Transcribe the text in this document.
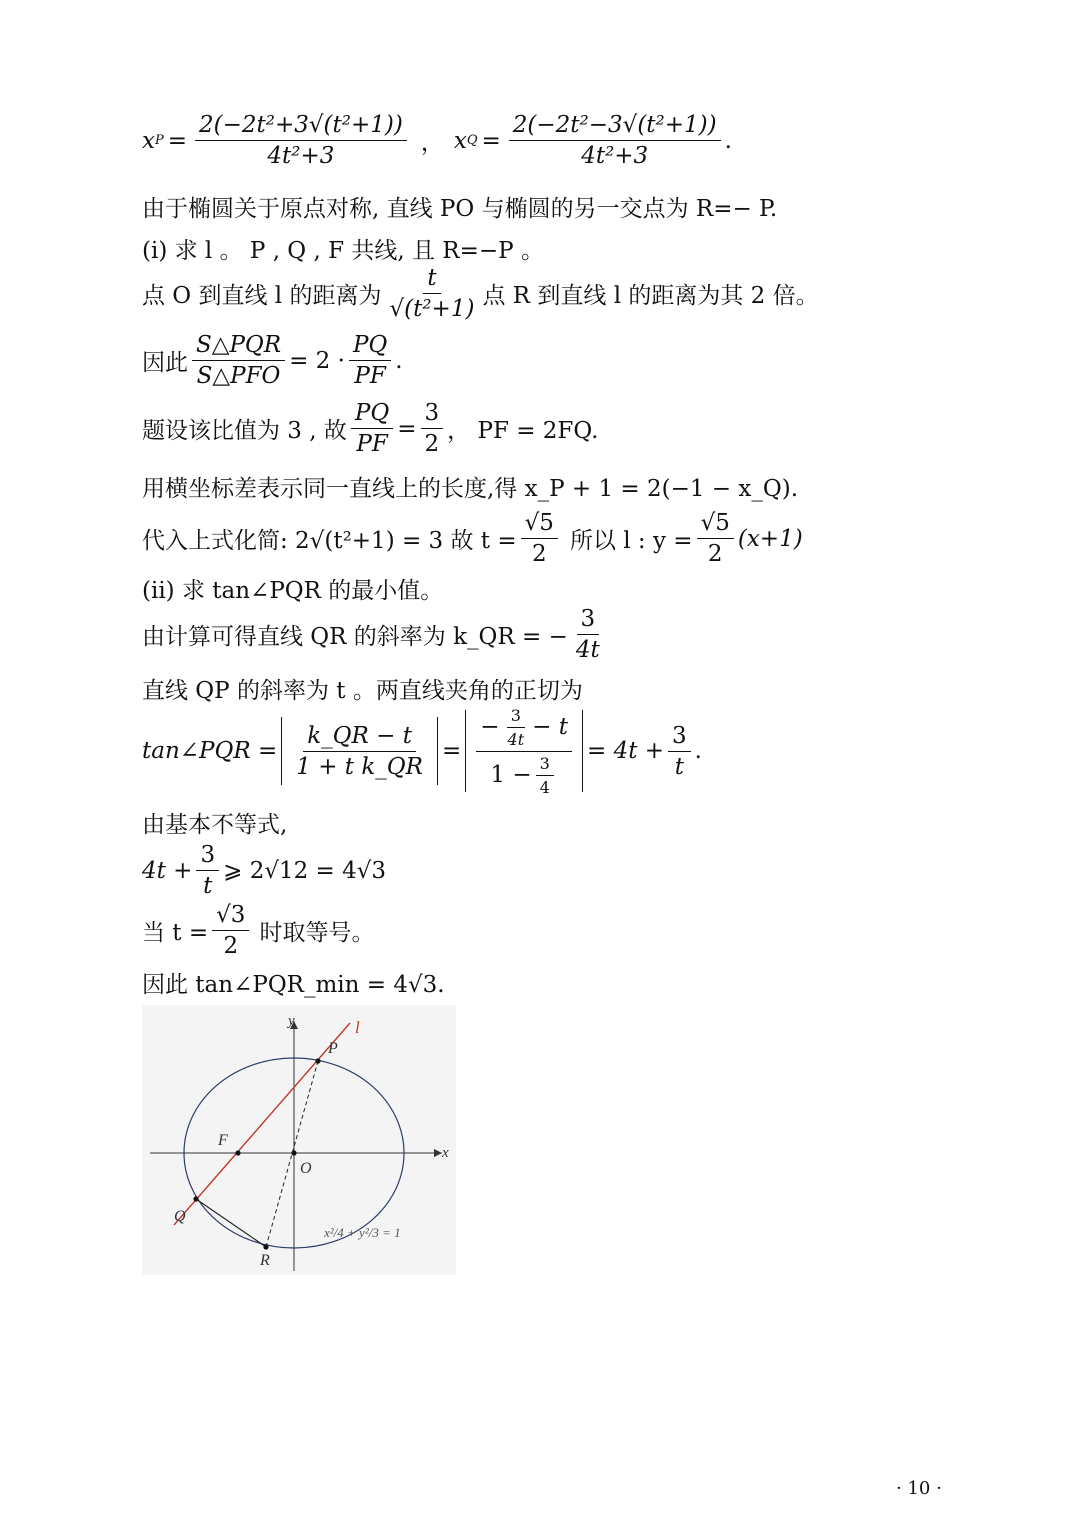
x $P = \frac{\text{2(−2t²+3√(t²+1))}}{\text{4t²+3}}$ ， x $Q = \frac{\text{2(−2t²−3√(t²+1))}}{\text{4t²+3}}$ .
由于椭圆关于原点对称, 直线 PO 与椭圆的另一交点为 R=− P.
(i) 求 l 。 P , Q , F 共线, 且 R=−P 。
点 O 到直线 l 的距离为 $\frac{t}{\text{√(t²+1)}}$ 点 R 到直线 l 的距离为其 2 倍。
因此 $\frac{\text{S△PQR}}{\text{S△PFO}} = 2 \cdot \frac{PQ}{PF}$ .
题设该比值为 3 , 故 $\frac{PQ}{PF} = \frac{3}{2}$ ， PF = 2FQ.
用横坐标差表示同一直线上的长度,得 x_P + 1 = 2(−1 − x_Q).
代入上式化简: 2√(t²+1) = 3 故 $t = \frac{√5}{2}$ 所以 l : $y = \frac{√5}{2} (x+1)$
(ii) 求 tan∠PQR 的最小值。
由计算可得直线 QR 的斜率为 k_QR = − $\frac{3}{4t}$
直线 QP 的斜率为 t 。两直线夹角的正切为
tan∠PQR = $\frac{k\_QR - t}{\text{1 + t k\_QR}} = \frac{- \frac{3}{4t} - t}{1 - \frac{3}{4}} = 4t + \frac{3}{t}$ .
由基本不等式,
$4t + \frac{3}{t}$ ⩾ 2√12 = 4√3
当 $t = \frac{√3}{2}$ 时取等号。
因此 tan∠PQR_min = 4√3.
y
x
l
P
F
O
Q
R
x²/4 + y²/3 = 1
· 10 ·
